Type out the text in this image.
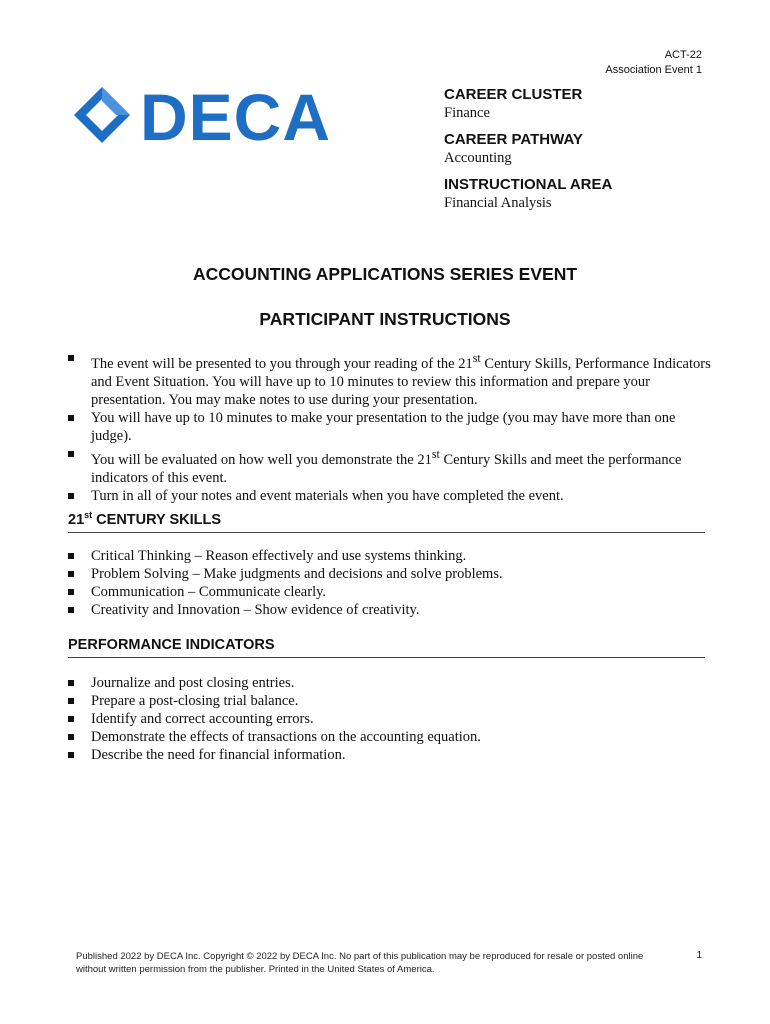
ACT-22
Association Event 1
DECA	CAREER CLUSTER
Finance
CAREER PATHWAY
Accounting
INSTRUCTIONAL AREA
Financial Analysis
ACCOUNTING APPLICATIONS SERIES EVENT
PARTICIPANT INSTRUCTIONS
The event will be presented to you through your reading of the 21st Century Skills, Performance Indicators and Event Situation. You will have up to 10 minutes to review this information and prepare your presentation. You may make notes to use during your presentation.
You will have up to 10 minutes to make your presentation to the judge (you may have more than one judge).
You will be evaluated on how well you demonstrate the 21st Century Skills and meet the performance indicators of this event.
Turn in all of your notes and event materials when you have completed the event.
21st CENTURY SKILLS
Critical Thinking – Reason effectively and use systems thinking.
Problem Solving – Make judgments and decisions and solve problems.
Communication – Communicate clearly.
Creativity and Innovation – Show evidence of creativity.
PERFORMANCE INDICATORS
Journalize and post closing entries.
Prepare a post-closing trial balance.
Identify and correct accounting errors.
Demonstrate the effects of transactions on the accounting equation.
Describe the need for financial information.
Published 2022 by DECA Inc. Copyright © 2022 by DECA Inc. No part of this publication may be reproduced for resale or posted online without written permission from the publisher. Printed in the United States of America.
1
